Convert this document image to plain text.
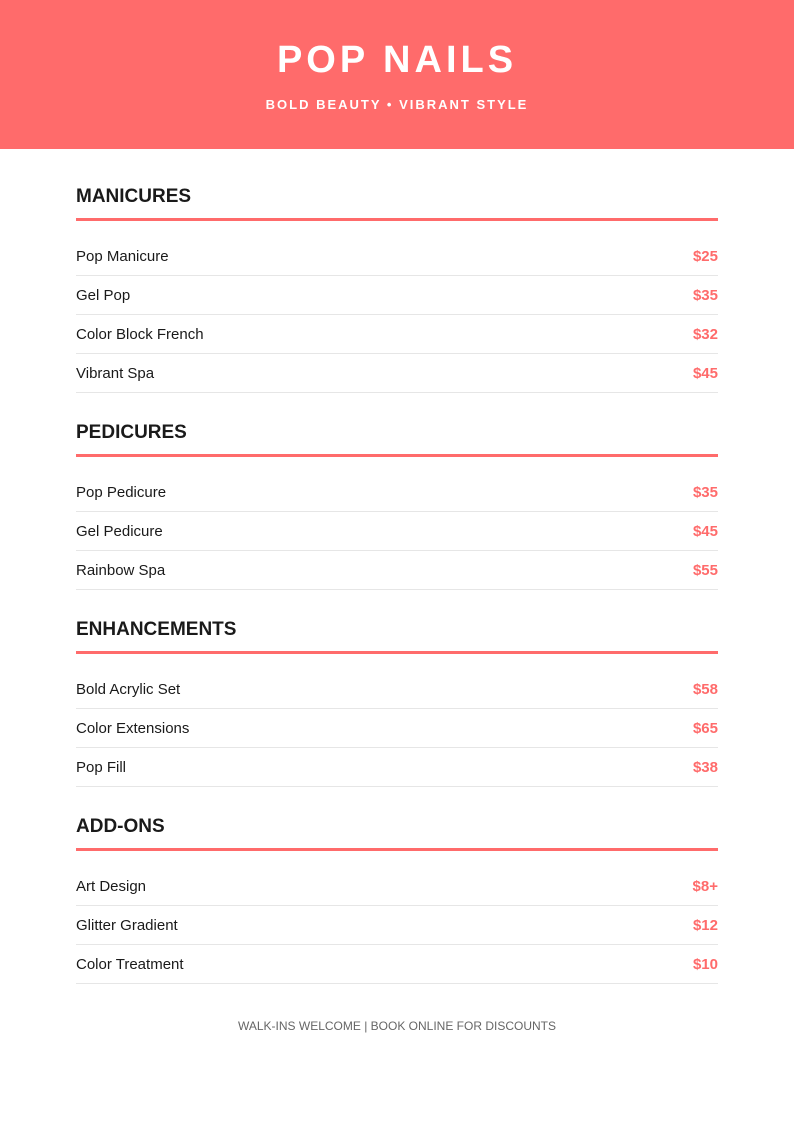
POP NAILS
BOLD BEAUTY • VIBRANT STYLE
MANICURES
Pop Manicure	$25
Gel Pop	$35
Color Block French	$32
Vibrant Spa	$45
PEDICURES
Pop Pedicure	$35
Gel Pedicure	$45
Rainbow Spa	$55
ENHANCEMENTS
Bold Acrylic Set	$58
Color Extensions	$65
Pop Fill	$38
ADD-ONS
Art Design	$8+
Glitter Gradient	$12
Color Treatment	$10
WALK-INS WELCOME | BOOK ONLINE FOR DISCOUNTS
